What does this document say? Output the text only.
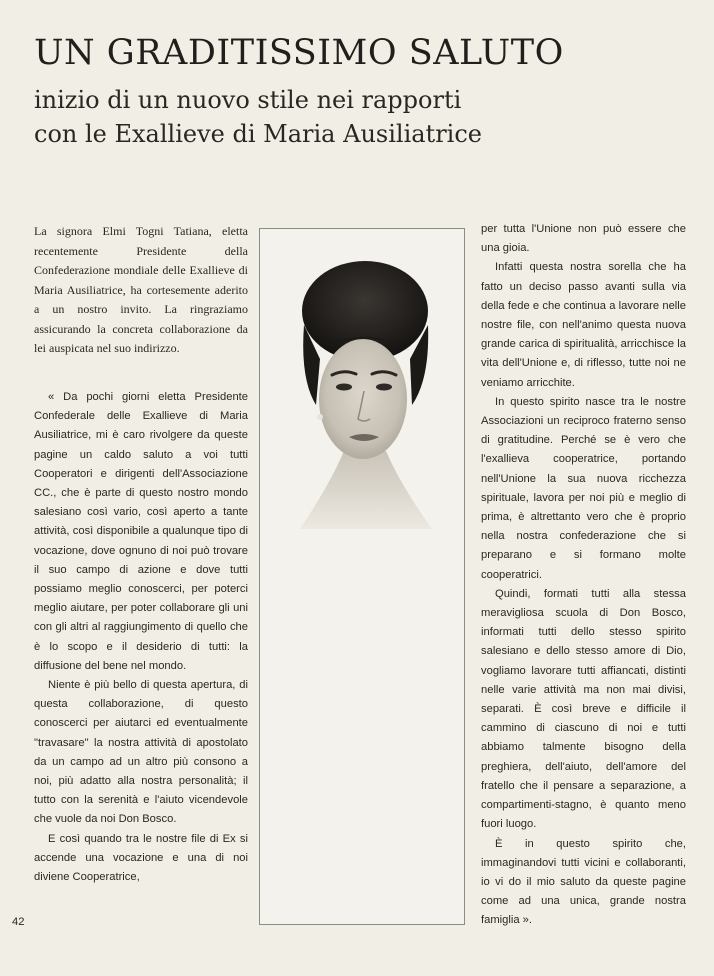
UN GRADITISSIMO SALUTO
inizio di un nuovo stile nei rapporti
con le Exallieve di Maria Ausiliatrice
La signora Elmi Togni Tatiana, eletta recentemente Presidente della Confederazione mondiale delle Exallieve di Maria Ausiliatrice, ha cortesemente aderito a un nostro invito. La ringraziamo assicurando la concreta collaborazione da lei auspicata nel suo indirizzo.

« Da pochi giorni eletta Presidente Confederale delle Exallieve di Maria Ausiliatrice, mi è caro rivolgere da queste pagine un caldo saluto a voi tutti Cooperatori e dirigenti dell'Associazione CC., che è parte di questo nostro mondo salesiano così vario, così aperto a tante attività, così disponibile a qualunque tipo di vocazione, dove ognuno di noi può trovare il suo campo di azione e dove tutti possiamo meglio conoscerci, per poterci meglio aiutare, per poter collaborare gli uni con gli altri al raggiungimento di quello che è lo scopo e il desiderio di tutti: la diffusione del bene nel mondo.

Niente è più bello di questa apertura, di questa collaborazione, di questo conoscerci per aiutarci ed eventualmente "travasare" la nostra attività di apostolato da un campo ad un altro più consono a noi, più adatto alla nostra personalità; il tutto con la serenità e l'aiuto vicendevole che vuole da noi Don Bosco.

E così quando tra le nostre file di Ex si accende una vocazione e una di noi diviene Cooperatrice,

per tutta l'Unione non può essere che una gioia.

Infatti questa nostra sorella che ha fatto un deciso passo avanti sulla via della fede e che continua a lavorare nelle nostre file, con nell'animo questa nuova grande carica di spiritualità, arricchisce la vita dell'Unione e, di riflesso, tutte noi ne veniamo arricchite.

In questo spirito nasce tra le nostre Associazioni un reciproco fraterno senso di gratitudine. Perché se è vero che l'exallieva cooperatrice, portando nell'Unione la sua nuova ricchezza spirituale, lavora per noi più e meglio di prima, è altrettanto vero che è proprio nella nostra confederazione che si preparano e si formano molte cooperatrici.

Quindi, formati tutti alla stessa meravigliosa scuola di Don Bosco, informati tutti dello stesso spirito salesiano e dello stesso amore di Dio, vogliamo lavorare tutti affiancati, distinti nelle varie attività ma non mai divisi, separati. È così breve e difficile il cammino di ciascuno di noi e tutti abbiamo talmente bisogno della preghiera, dell'aiuto, dell'amore del fratello che il pensare a separazione, a compartimenti-stagno, è quanto meno fuori luogo.

È in questo spirito che, immaginandovi tutti vicini e collaboranti, io vi do il mio saluto da queste pagine come ad una unica, grande nostra famiglia ».

42
